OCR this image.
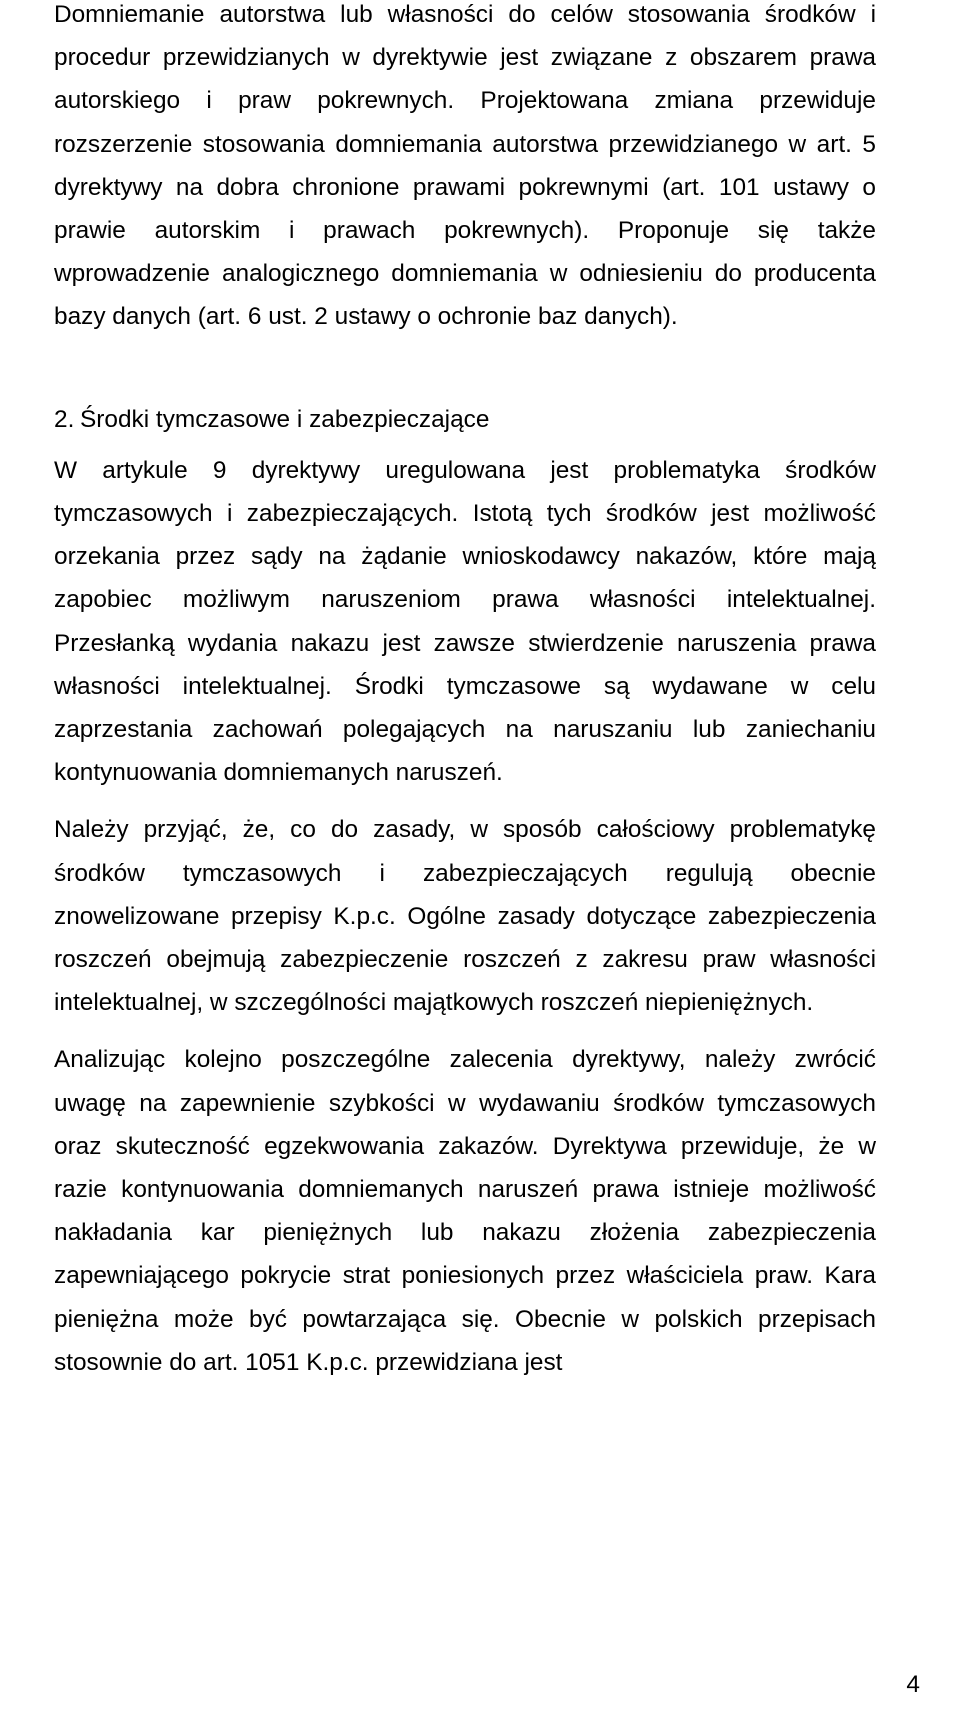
Domniemanie autorstwa lub własności do celów stosowania środków i procedur przewidzianych w dyrektywie jest związane z obszarem prawa autorskiego i praw pokrewnych. Projektowana zmiana przewiduje rozszerzenie stosowania domniemania autorstwa przewidzianego w art. 5 dyrektywy na dobra chronione prawami pokrewnymi (art. 101 ustawy o prawie autorskim i prawach pokrewnych). Proponuje się także wprowadzenie analogicznego domniemania w odniesieniu do producenta bazy danych (art. 6 ust. 2 ustawy o ochronie baz danych).

2. Środki tymczasowe i zabezpieczające

W artykule 9 dyrektywy uregulowana jest problematyka środków tymczasowych i zabezpieczających. Istotą tych środków jest możliwość orzekania przez sądy na żądanie wnioskodawcy nakazów, które mają zapobiec możliwym naruszeniom prawa własności intelektualnej. Przesłanką wydania nakazu jest zawsze stwierdzenie naruszenia prawa własności intelektualnej. Środki tymczasowe są wydawane w celu zaprzestania zachowań polegających na naruszaniu lub zaniechaniu kontynuowania domniemanych naruszeń.

Należy przyjąć, że, co do zasady, w sposób całościowy problematykę środków tymczasowych i zabezpieczających regulują obecnie znowelizowane przepisy K.p.c. Ogólne zasady dotyczące zabezpieczenia roszczeń obejmują zabezpieczenie roszczeń z zakresu praw własności intelektualnej, w szczególności majątkowych roszczeń niepieniężnych.

Analizując kolejno poszczególne zalecenia dyrektywy, należy zwrócić uwagę na zapewnienie szybkości w wydawaniu środków tymczasowych oraz skuteczność egzekwowania zakazów. Dyrektywa przewiduje, że w razie kontynuowania domniemanych naruszeń prawa istnieje możliwość nakładania kar pieniężnych lub nakazu złożenia zabezpieczenia zapewniającego pokrycie strat poniesionych przez właściciela praw. Kara pieniężna może być powtarzająca się. Obecnie w polskich przepisach stosownie do art. 1051 K.p.c. przewidziana jest

4
